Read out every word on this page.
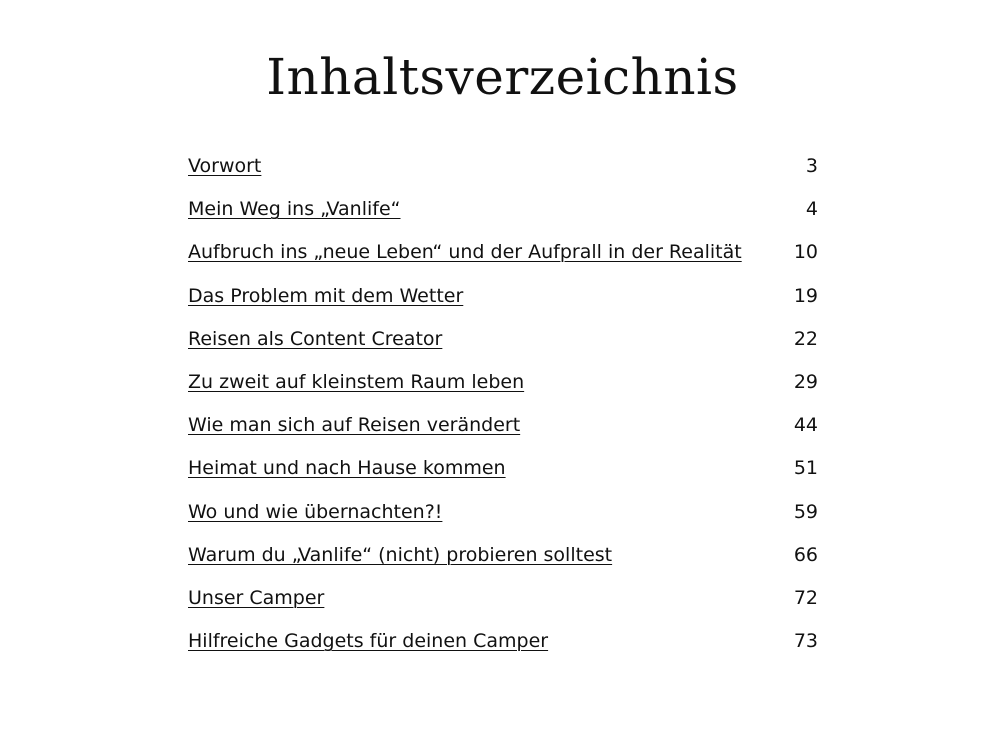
Inhaltsverzeichnis
Vorwort	3
Mein Weg ins „Vanlife“	4
Aufbruch ins „neue Leben“ und der Aufprall in der Realität	10
Das Problem mit dem Wetter	19
Reisen als Content Creator	22
Zu zweit auf kleinstem Raum leben	29
Wie man sich auf Reisen verändert	44
Heimat und nach Hause kommen	51
Wo und wie übernachten?!	59
Warum du „Vanlife“ (nicht) probieren solltest	66
Unser Camper	72
Hilfreiche Gadgets für deinen Camper	73
